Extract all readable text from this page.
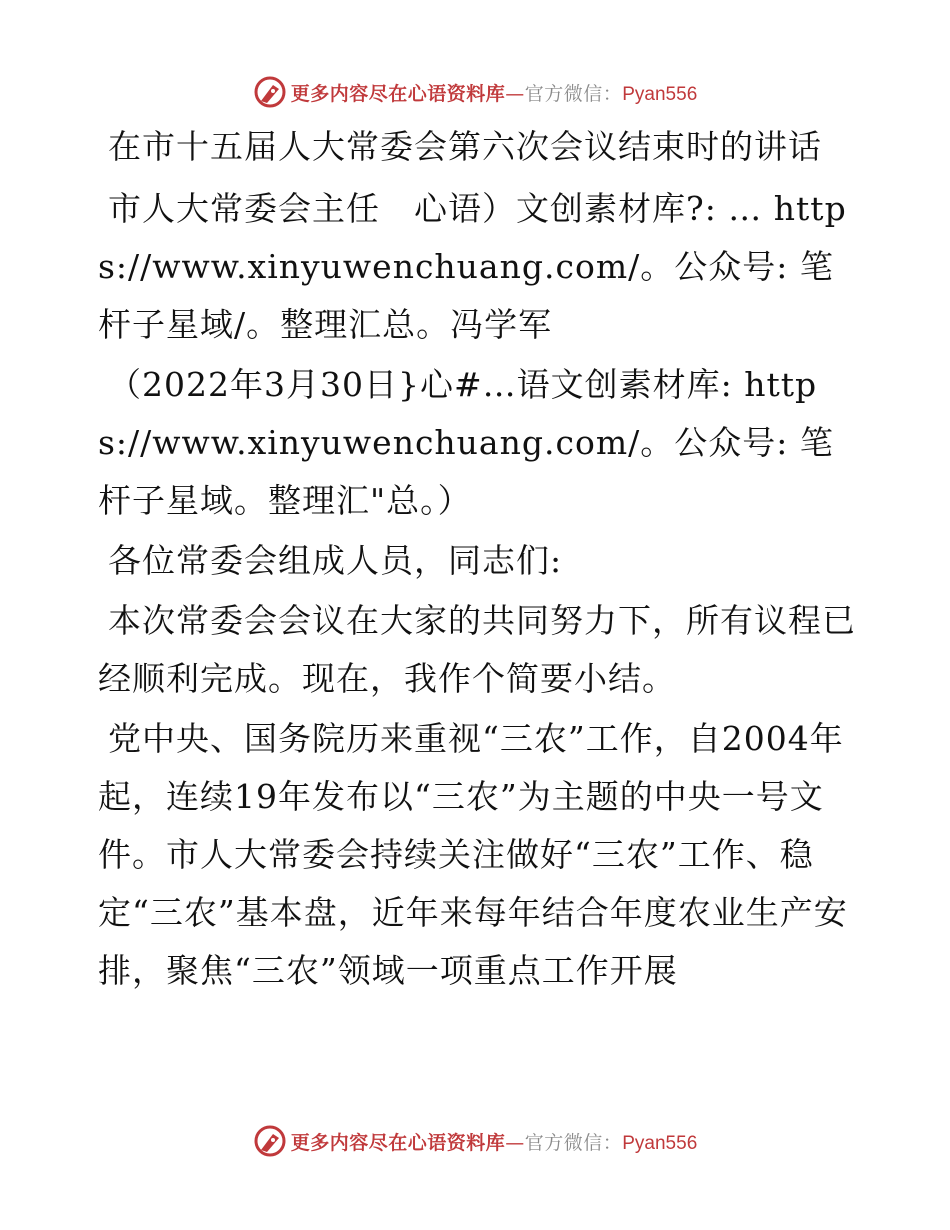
更多内容尽在心语资料库—官方微信：Pyan556

在市十五届人大常委会第六次会议结束时的讲话

市人大常委会主任　心语）文创素材库?: … https://www.xinyuwenchuang.com/。公众号: 笔杆子星域/。整理汇总。冯学军

（2022年3月30日}心#…语文创素材库: https://www.xinyuwenchuang.com/。公众号: 笔杆子星域。整理汇"总。）

各位常委会组成人员，同志们:

本次常委会会议在大家的共同努力下，所有议程已经顺利完成。现在，我作个简要小结。

党中央、国务院历来重视“三农”工作，自2004年起，连续19年发布以“三农”为主题的中央一号文件。市人大常委会持续关注做好“三农”工作、稳定“三农”基本盘，近年来每年结合年度农业生产安排，聚焦“三农”领域一项重点工作开展

更多内容尽在心语资料库—官方微信：Pyan556
